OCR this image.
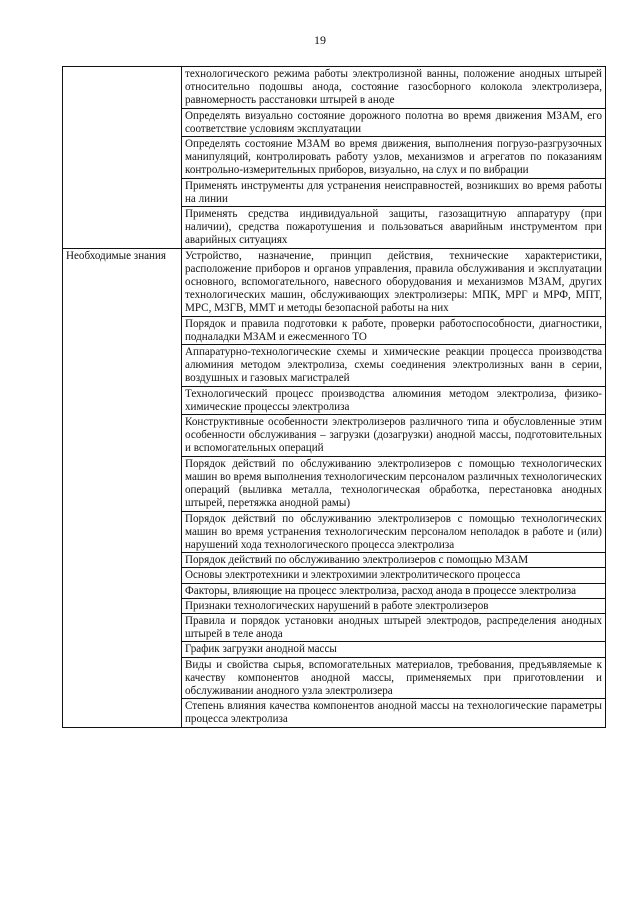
19
	технологического режима работы электролизной ванны, положение анодных штырей относительно подошвы анода, состояние газосборного колокола электролизера, равномерность расстановки штырей в аноде
	Определять визуально состояние дорожного полотна во время движения МЗАМ, его соответствие условиям эксплуатации
	Определять состояние МЗАМ во время движения, выполнения погрузо-разгрузочных манипуляций, контролировать работу узлов, механизмов и агрегатов по показаниям контрольно-измерительных приборов, визуально, на слух и по вибрации
	Применять инструменты для устранения неисправностей, возникших во время работы на линии
	Применять средства индивидуальной защиты, газозащитную аппаратуру (при наличии), средства пожаротушения и пользоваться аварийным инструментом при аварийных ситуациях
Необходимые знания	Устройство, назначение, принцип действия, технические характеристики, расположение приборов и органов управления, правила обслуживания и эксплуатации основного, вспомогательного, навесного оборудования и механизмов МЗАМ, других технологических машин, обслуживающих электролизеры: МПК, МРГ и МРФ, МПТ, МРС, МЗГВ, ММТ и методы безопасной работы на них
	Порядок и правила подготовки к работе, проверки работоспособности, диагностики, подналадки МЗАМ и ежесменного ТО
	Аппаратурно-технологические схемы и химические реакции процесса производства алюминия методом электролиза, схемы соединения электролизных ванн в серии, воздушных и газовых магистралей
	Технологический процесс производства алюминия методом электролиза, физико-химические процессы электролиза
	Конструктивные особенности электролизеров различного типа и обусловленные этим особенности обслуживания – загрузки (дозагрузки) анодной массы, подготовительных и вспомогательных операций
	Порядок действий по обслуживанию электролизеров с помощью технологических машин во время выполнения технологическим персоналом различных технологических операций (выливка металла, технологическая обработка, перестановка анодных штырей, перетяжка анодной рамы)
	Порядок действий по обслуживанию электролизеров с помощью технологических машин во время устранения технологическим персоналом неполадок в работе и (или) нарушений хода технологического процесса электролиза
	Порядок действий по обслуживанию электролизеров с помощью МЗАМ
	Основы электротехники и электрохимии электролитического процесса
	Факторы, влияющие на процесс электролиза, расход анода в процессе электролиза
	Признаки технологических нарушений в работе электролизеров
	Правила и порядок установки анодных штырей электродов, распределения анодных штырей в теле анода
	График загрузки анодной массы
	Виды и свойства сырья, вспомогательных материалов, требования, предъявляемые к качеству компонентов анодной массы, применяемых при приготовлении и обслуживании анодного узла электролизера
	Степень влияния качества компонентов анодной массы на технологические параметры процесса электролиза
